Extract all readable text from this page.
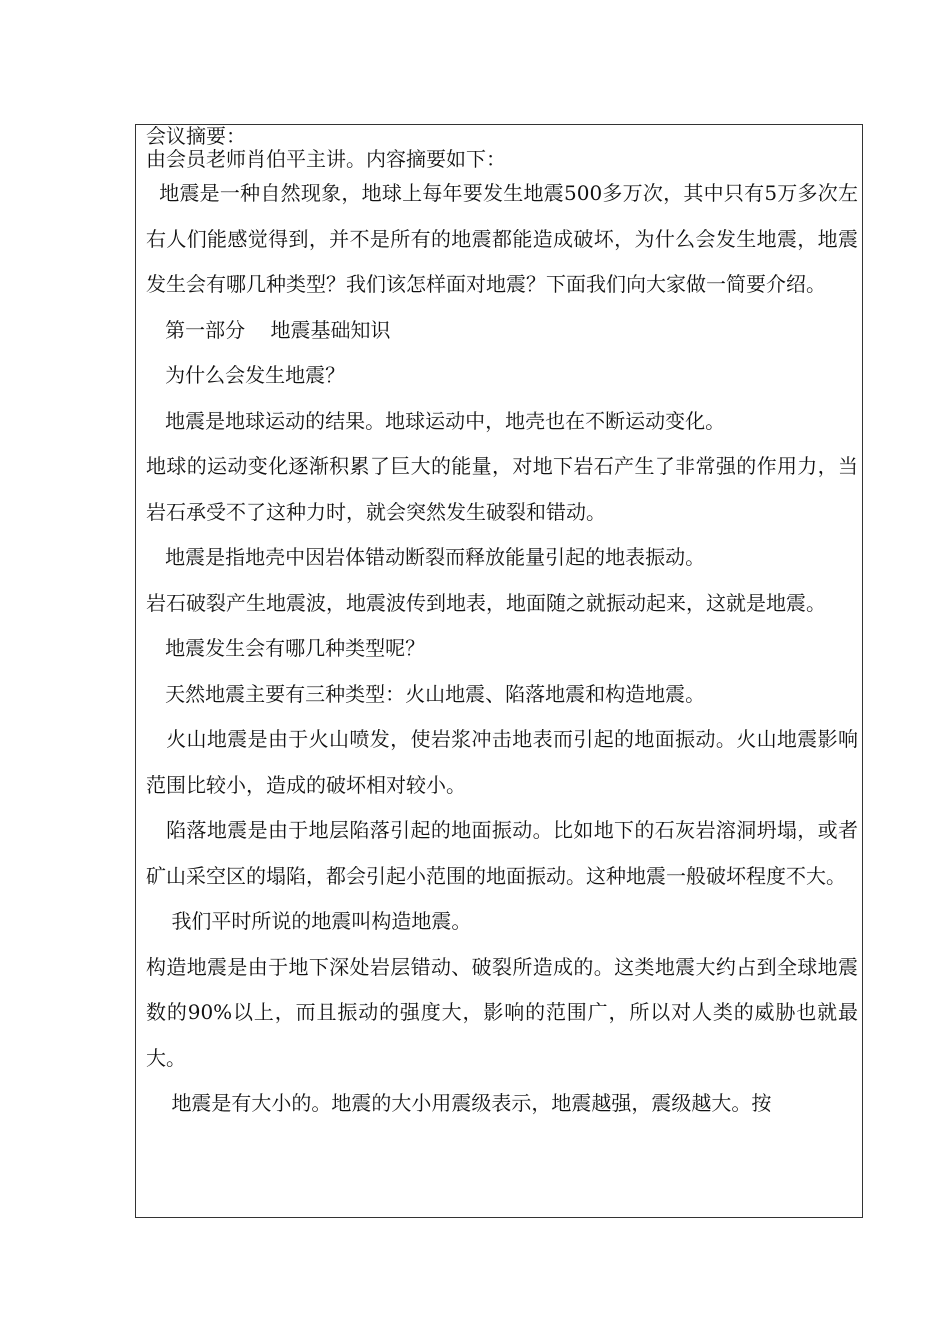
会议摘要：
由会员老师肖伯平主讲。内容摘要如下：
地震是一种自然现象，地球上每年要发生地震500多万次，其中只有5万多次左右人们能感觉得到，并不是所有的地震都能造成破坏，为什么会发生地震，地震发生会有哪几种类型？我们该怎样面对地震？下面我们向大家做一简要介绍。
第一部分    地震基础知识
为什么会发生地震？
地震是地球运动的结果。地球运动中，地壳也在不断运动变化。
地球的运动变化逐渐积累了巨大的能量，对地下岩石产生了非常强的作用力，当岩石承受不了这种力时，就会突然发生破裂和错动。
地震是指地壳中因岩体错动断裂而释放能量引起的地表振动。
岩石破裂产生地震波，地震波传到地表，地面随之就振动起来，这就是地震。
地震发生会有哪几种类型呢？
天然地震主要有三种类型：火山地震、陷落地震和构造地震。
火山地震是由于火山喷发，使岩浆冲击地表而引起的地面振动。火山地震影响范围比较小，造成的破坏相对较小。
陷落地震是由于地层陷落引起的地面振动。比如地下的石灰岩溶洞坍塌，或者矿山采空区的塌陷，都会引起小范围的地面振动。这种地震一般破坏程度不大。
我们平时所说的地震叫构造地震。
构造地震是由于地下深处岩层错动、破裂所造成的。这类地震大约占到全球地震数的90%以上，而且振动的强度大，影响的范围广，所以对人类的威胁也就最大。
地震是有大小的。地震的大小用震级表示，地震越强，震级越大。按
